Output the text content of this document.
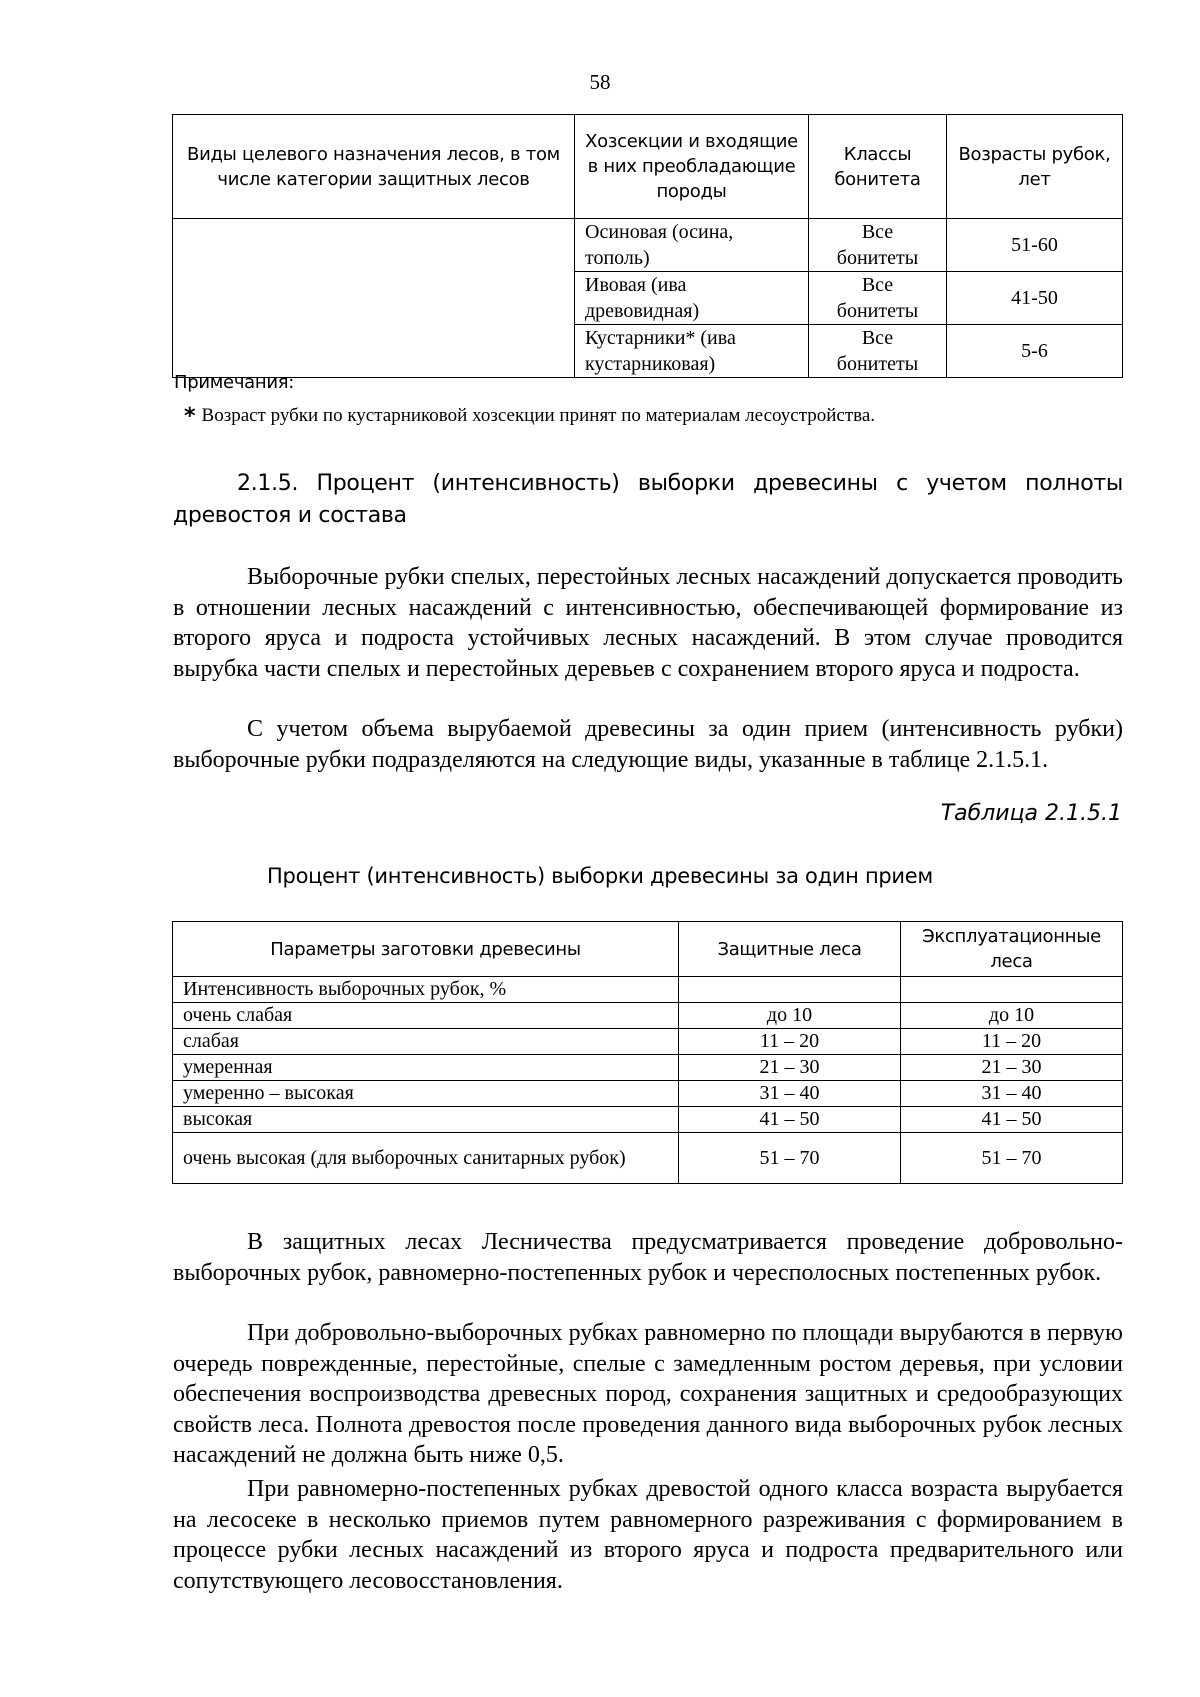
58
Виды целевого назначения лесов, в том числе категории защитных лесов	Хозсекции и входящие в них преобладающие породы	Классы бонитета	Возрасты рубок, лет
	Осиновая (осина, тополь)	Все бонитеты	51-60
	Ивовая (ива древовидная)	Все бонитеты	41-50
	Кустарники* (ива кустарниковая)	Все бонитеты	5-6
Примечания:
* Возраст рубки по кустарниковой хозсекции принят по материалам лесоустройства.
2.1.5. Процент (интенсивность) выборки древесины с учетом полноты древостоя и состава
Выборочные рубки спелых, перестойных лесных насаждений допускается проводить в отношении лесных насаждений с интенсивностью, обеспечивающей формирование из второго яруса и подроста устойчивых лесных насаждений. В этом случае проводится вырубка части спелых и перестойных деревьев с сохранением второго яруса и подроста.
С учетом объема вырубаемой древесины за один прием (интенсивность рубки) выборочные рубки подразделяются на следующие виды, указанные в таблице 2.1.5.1.
Таблица 2.1.5.1
Процент (интенсивность) выборки древесины за один прием
Параметры заготовки древесины	Защитные леса	Эксплуатационные леса
Интенсивность выборочных рубок, %		
очень слабая	до 10	до 10
слабая	11 – 20	11 – 20
умеренная	21 – 30	21 – 30
умеренно – высокая	31 – 40	31 – 40
высокая	41 – 50	41 – 50
очень высокая (для выборочных санитарных рубок)	51 – 70	51 – 70
В защитных лесах Лесничества предусматривается проведение добровольно-выборочных рубок, равномерно-постепенных рубок и чересполосных постепенных рубок.
При добровольно-выборочных рубках равномерно по площади вырубаются в первую очередь поврежденные, перестойные, спелые с замедленным ростом деревья, при условии обеспечения воспроизводства древесных пород, сохранения защитных и средообразующих свойств леса. Полнота древостоя после проведения данного вида выборочных рубок лесных насаждений не должна быть ниже 0,5.
При равномерно-постепенных рубках древостой одного класса возраста вырубается на лесосеке в несколько приемов путем равномерного разреживания с формированием в процессе рубки лесных насаждений из второго яруса и подроста предварительного или сопутствующего лесовосстановления.
